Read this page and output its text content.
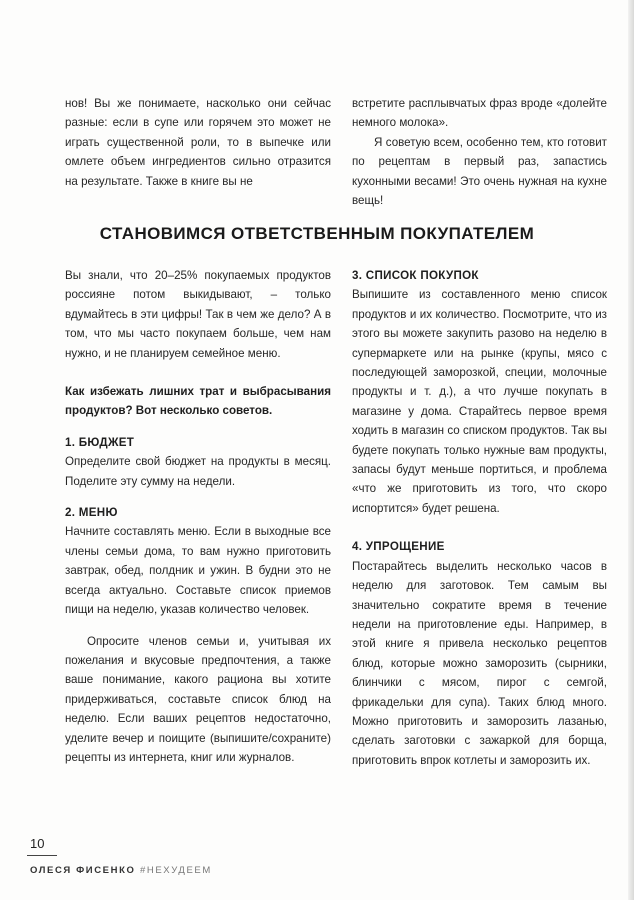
нов! Вы же понимаете, насколько они сейчас разные: если в супе или горячем это может не играть существенной роли, то в выпечке или омлете объем ингредиентов сильно отразится на результате. Также в книге вы не

встретите расплывчатых фраз вроде «долейте немного молока».

Я советую всем, особенно тем, кто готовит по рецептам в первый раз, запастись кухонными весами! Это очень нужная на кухне вещь!

СТАНОВИМСЯ ОТВЕТСТВЕННЫМ ПОКУПАТЕЛЕМ

Вы знали, что 20–25% покупаемых продуктов россияне потом выкидывают, – только вдумайтесь в эти цифры! Так в чем же дело? А в том, что мы часто покупаем больше, чем нам нужно, и не планируем семейное меню.

Как избежать лишних трат и выбрасывания продуктов? Вот несколько советов.

1. БЮДЖЕТ

Определите свой бюджет на продукты в месяц. Поделите эту сумму на недели.

2. МЕНЮ

Начните составлять меню. Если в выходные все члены семьи дома, то вам нужно приготовить завтрак, обед, полдник и ужин. В будни это не всегда актуально. Составьте список приемов пищи на неделю, указав количество человек.

Опросите членов семьи и, учитывая их пожелания и вкусовые предпочтения, а также ваше понимание, какого рациона вы хотите придерживаться, составьте список блюд на неделю. Если ваших рецептов недостаточно, уделите вечер и поищите (выпишите/сохраните) рецепты из интернета, книг или журналов.

3. СПИСОК ПОКУПОК

Выпишите из составленного меню список продуктов и их количество. Посмотрите, что из этого вы можете закупить разово на неделю в супермаркете или на рынке (крупы, мясо с последующей заморозкой, специи, молочные продукты и т. д.), а что лучше покупать в магазине у дома. Старайтесь первое время ходить в магазин со списком продуктов. Так вы будете покупать только нужные вам продукты, запасы будут меньше портиться, и проблема «что же приготовить из того, что скоро испортится» будет решена.

4. УПРОЩЕНИЕ

Постарайтесь выделить несколько часов в неделю для заготовок. Тем самым вы значительно сократите время в течение недели на приготовление еды. Например, в этой книге я привела несколько рецептов блюд, которые можно заморозить (сырники, блинчики с мясом, пирог с семгой, фрикадельки для супа). Таких блюд много. Можно приготовить и заморозить лазанью, сделать заготовки с зажаркой для борща, приготовить впрок котлеты и заморозить их.

10
ОЛЕСЯ ФИСЕНКО #НЕХУДЕЕМ
